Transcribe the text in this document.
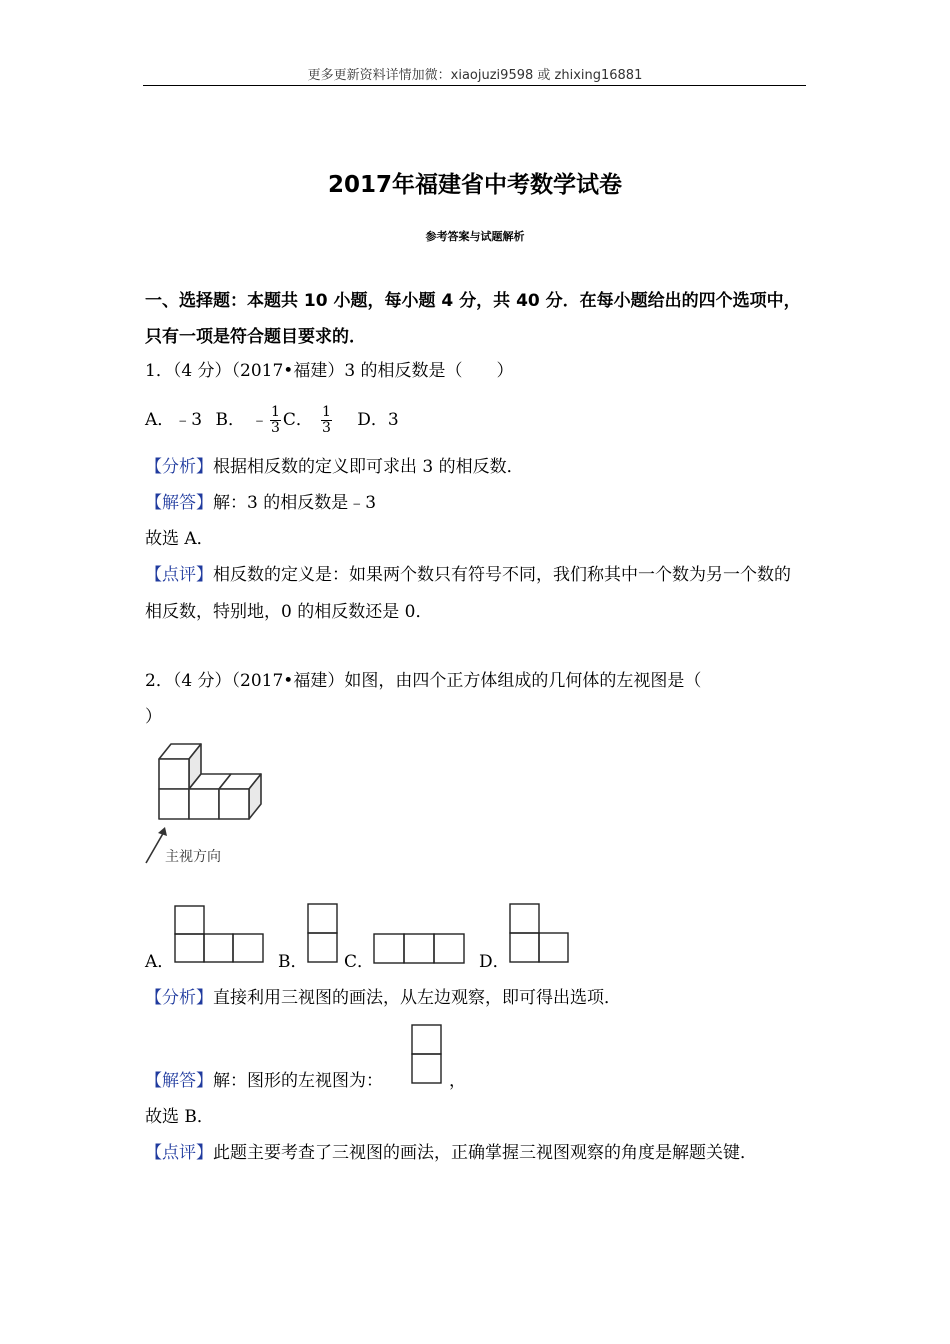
更多更新资料详情加微：xiaojuzi9598 或 zhixing16881
2017年福建省中考数学试卷
参考答案与试题解析
一、选择题：本题共 10 小题，每小题 4 分，共 40 分．在每小题给出的四个选项中，只有一项是符合题目要求的．
1．（4 分）（2017•福建）3 的相反数是（　　）
A．﹣3 B． ﹣ $\frac{1}{3}$ C． $\frac{1}{3}$ D．3
【分析】根据相反数的定义即可求出 3 的相反数．
【解答】解：3 的相反数是﹣3
故选 A．
【点评】相反数的定义是：如果两个数只有符号不同，我们称其中一个数为另一个数的相反数，特别地，0 的相反数还是 0．
2．（4 分）（2017•福建）如图，由四个正方体组成的几何体的左视图是（
）
主视方向
A．	B． C．	D．
【分析】直接利用三视图的画法，从左边观察，即可得出选项．
【解答】解：图形的左视图为：	，
故选 B．
【点评】此题主要考查了三视图的画法，正确掌握三视图观察的角度是解题关键．
